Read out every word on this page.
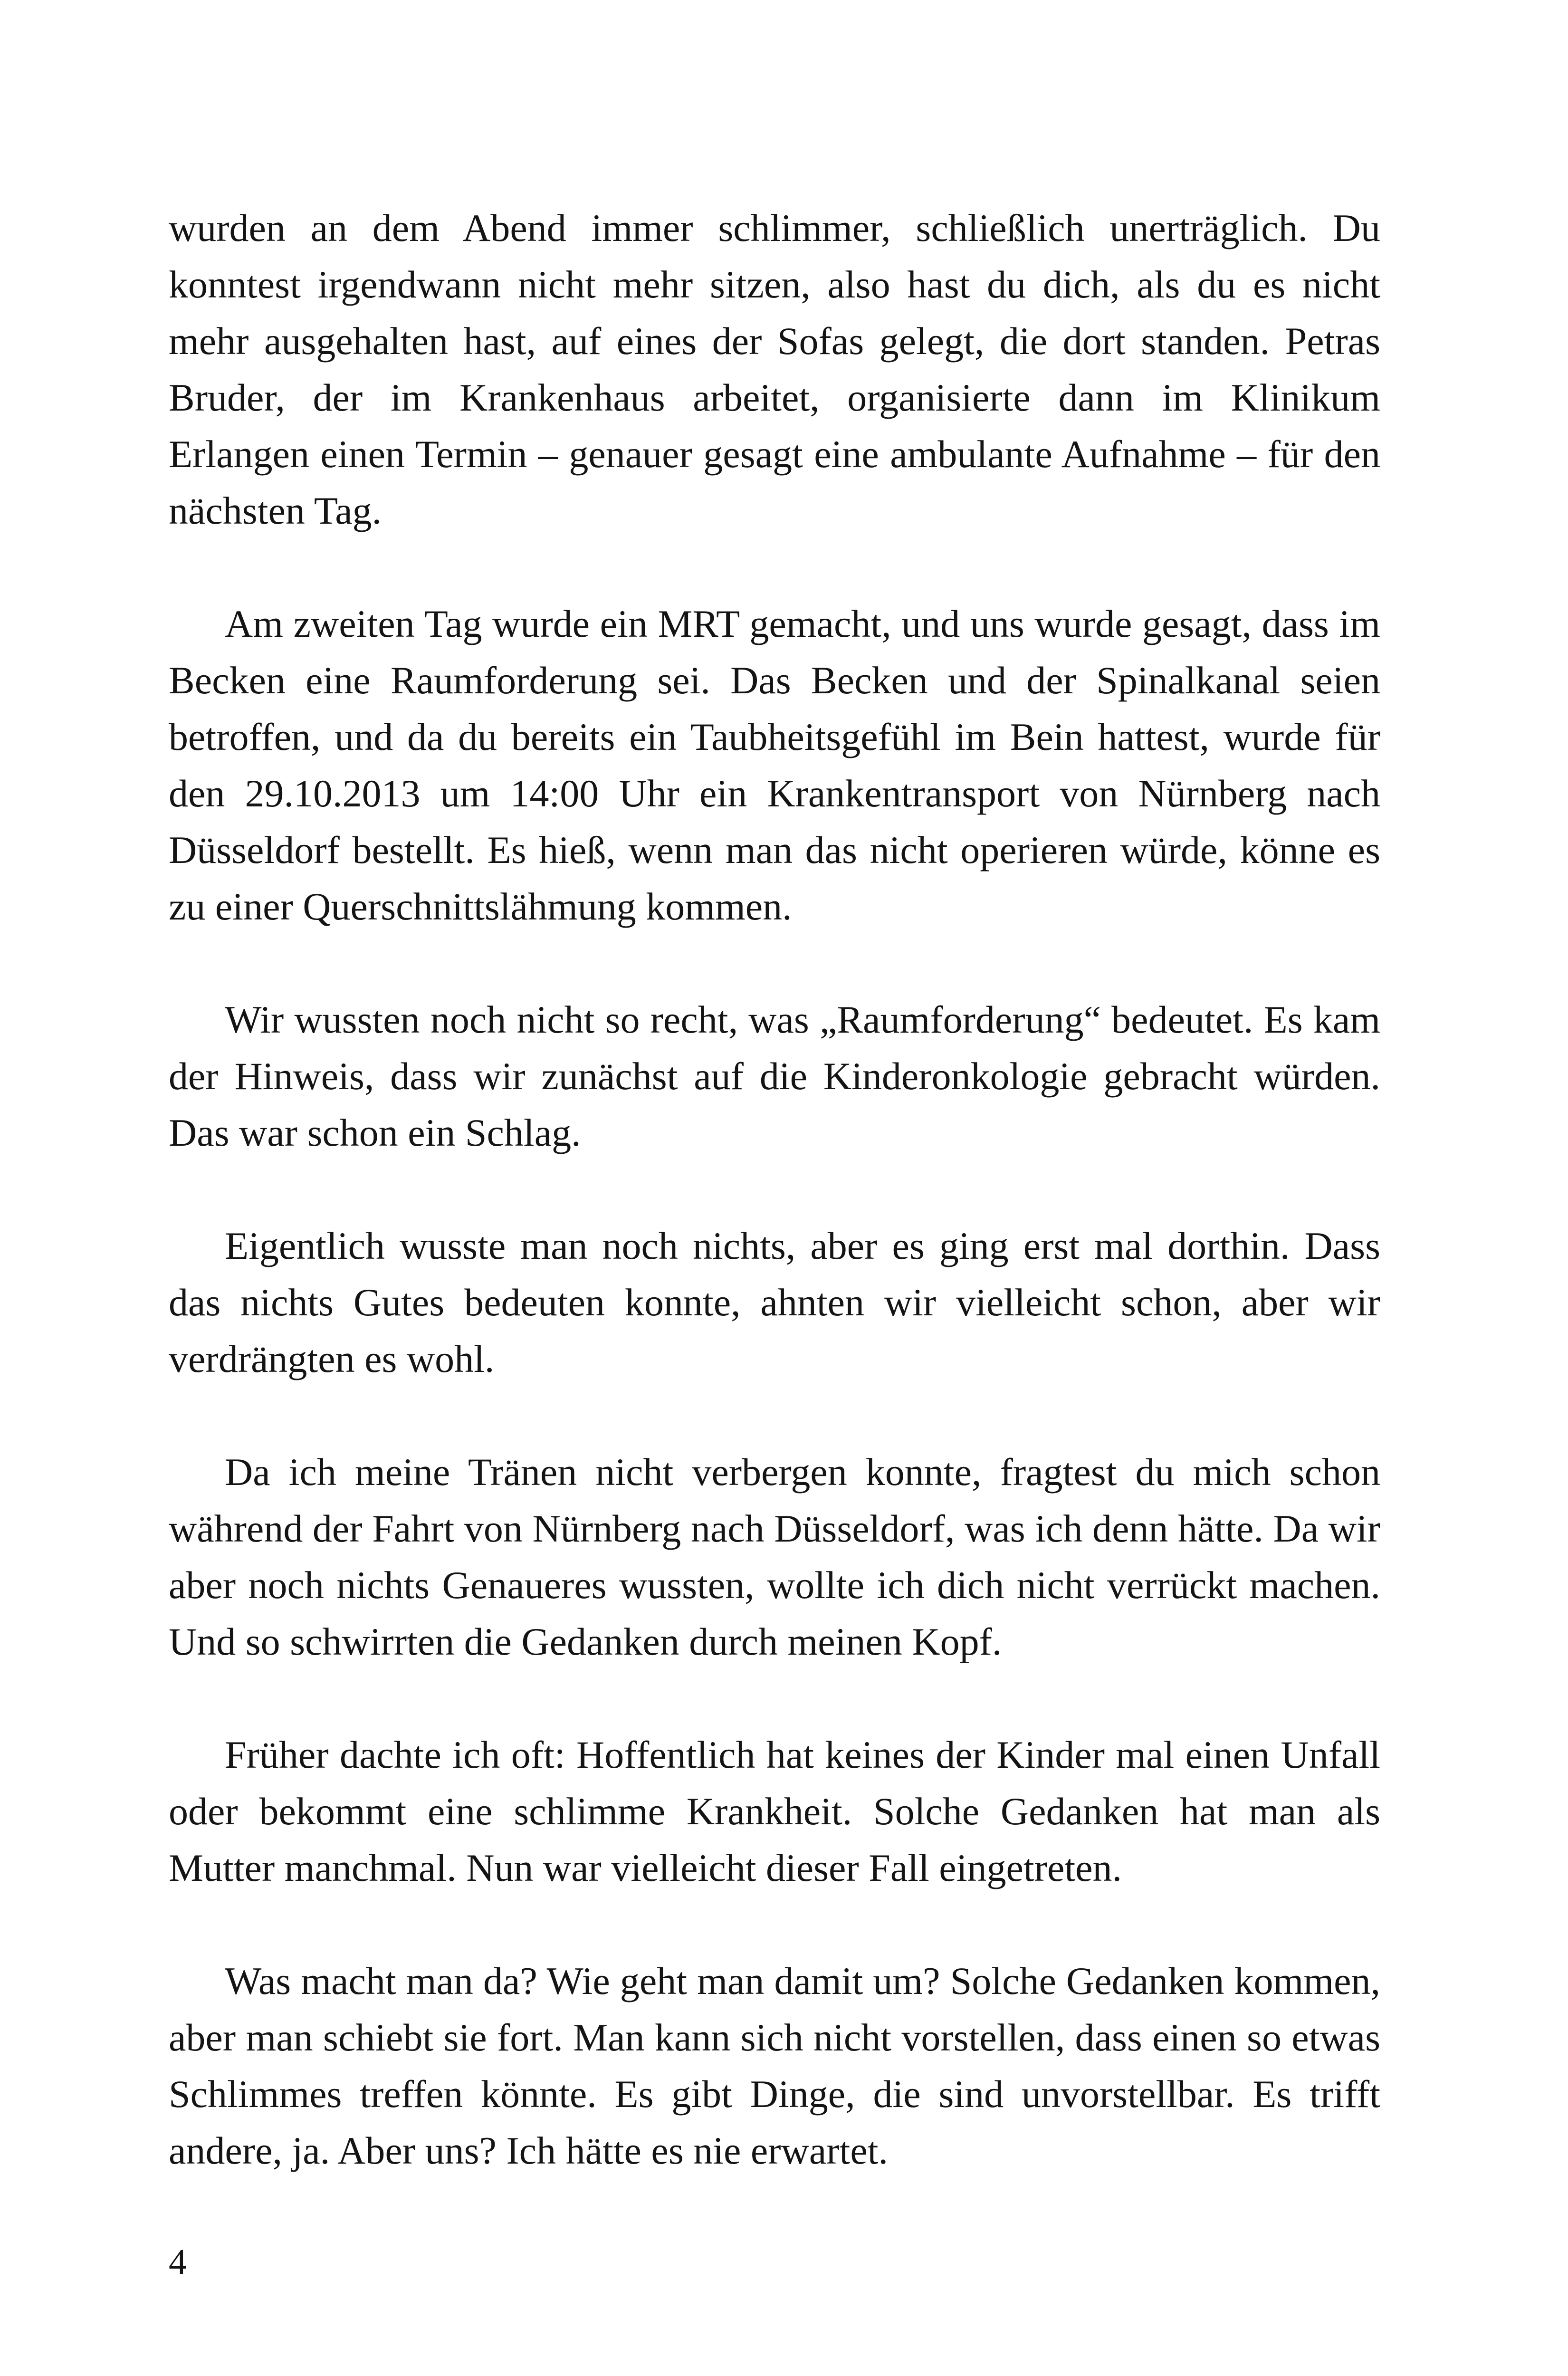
wurden an dem Abend immer schlimmer, schließlich unerträglich. Du konntest irgendwann nicht mehr sitzen, also hast du dich, als du es nicht mehr ausgehalten hast, auf eines der Sofas gelegt, die dort standen. Petras Bruder, der im Krankenhaus arbeitet, organisierte dann im Klinikum Erlangen einen Termin – genauer gesagt eine ambulante Aufnahme – für den nächsten Tag.

Am zweiten Tag wurde ein MRT gemacht, und uns wurde gesagt, dass im Becken eine Raumforderung sei. Das Becken und der Spinalkanal seien betroffen, und da du bereits ein Taubheitsgefühl im Bein hattest, wurde für den 29.10.2013 um 14:00 Uhr ein Krankentransport von Nürnberg nach Düsseldorf bestellt. Es hieß, wenn man das nicht operieren würde, könne es zu einer Querschnittslähmung kommen.

Wir wussten noch nicht so recht, was „Raumforderung“ bedeutet. Es kam der Hinweis, dass wir zunächst auf die Kinderonkologie gebracht würden. Das war schon ein Schlag.

Eigentlich wusste man noch nichts, aber es ging erst mal dorthin. Dass das nichts Gutes bedeuten konnte, ahnten wir vielleicht schon, aber wir verdrängten es wohl.

Da ich meine Tränen nicht verbergen konnte, fragtest du mich schon während der Fahrt von Nürnberg nach Düsseldorf, was ich denn hätte. Da wir aber noch nichts Genaueres wussten, wollte ich dich nicht verrückt machen. Und so schwirrten die Gedanken durch meinen Kopf.

Früher dachte ich oft: Hoffentlich hat keines der Kinder mal einen Unfall oder bekommt eine schlimme Krankheit. Solche Gedanken hat man als Mutter manchmal. Nun war vielleicht dieser Fall eingetreten.

Was macht man da? Wie geht man damit um? Solche Gedanken kommen, aber man schiebt sie fort. Man kann sich nicht vorstellen, dass einen so etwas Schlimmes treffen könnte. Es gibt Dinge, die sind unvorstellbar. Es trifft andere, ja. Aber uns? Ich hätte es nie erwartet.

4
